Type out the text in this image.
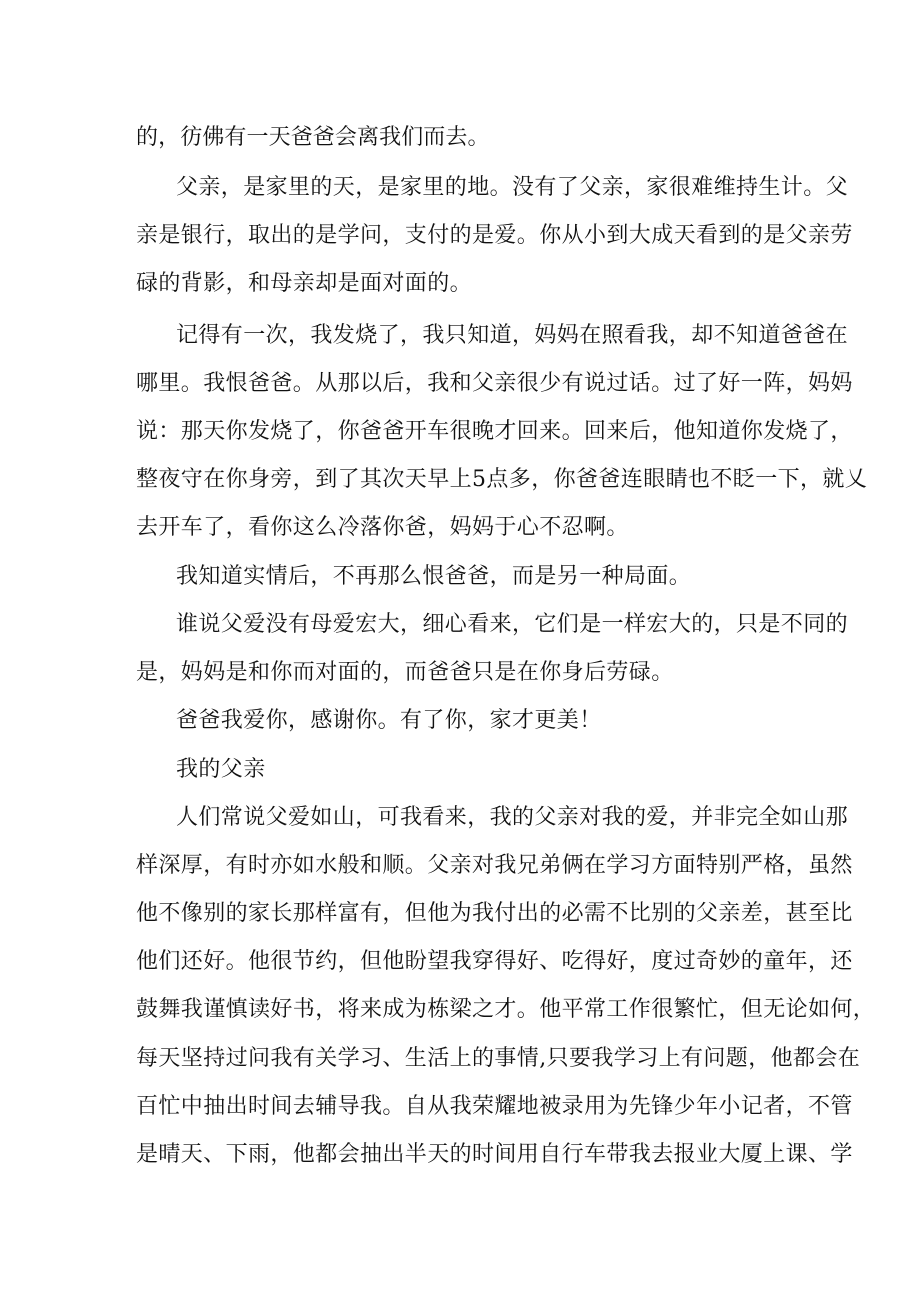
的，彷佛有一天爸爸会离我们而去。
父亲，是家里的天，是家里的地。没有了父亲，家很难维持生计。父
亲是银行，取出的是学问，支付的是爱。你从小到大成天看到的是父亲劳
碌的背影，和母亲却是面对面的。
记得有一次，我发烧了，我只知道，妈妈在照看我，却不知道爸爸在
哪里。我恨爸爸。从那以后，我和父亲很少有说过话。过了好一阵，妈妈
说：那天你发烧了，你爸爸开车很晚才回来。回来后，他知道你发烧了，
整夜守在你身旁，到了其次天早上5点多，你爸爸连眼睛也不眨一下，就乂
去开车了，看你这么冷落你爸，妈妈于心不忍啊。
我知道实情后，不再那么恨爸爸，而是另一种局面。
谁说父爱没有母爱宏大，细心看来，它们是一样宏大的，只是不同的
是，妈妈是和你而对面的，而爸爸只是在你身后劳碌。
爸爸我爱你，感谢你。有了你，家才更美！
我的父亲
人们常说父爱如山，可我看来，我的父亲对我的爱，并非完全如山那
样深厚，有时亦如水般和顺。父亲对我兄弟俩在学习方面特别严格，虽然
他不像别的家长那样富有，但他为我付出的必需不比别的父亲差，甚至比
他们还好。他很节约，但他盼望我穿得好、吃得好，度过奇妙的童年，还
鼓舞我谨慎读好书，将来成为栋梁之才。他平常工作很繁忙，但无论如何，
每天坚持过问我有关学习、生活上的事情,只要我学习上有问题，他都会在
百忙中抽出时间去辅导我。自从我荣耀地被录用为先锋少年小记者，不管
是晴天、下雨，他都会抽出半天的时间用自行车带我去报业大厦上课、学
